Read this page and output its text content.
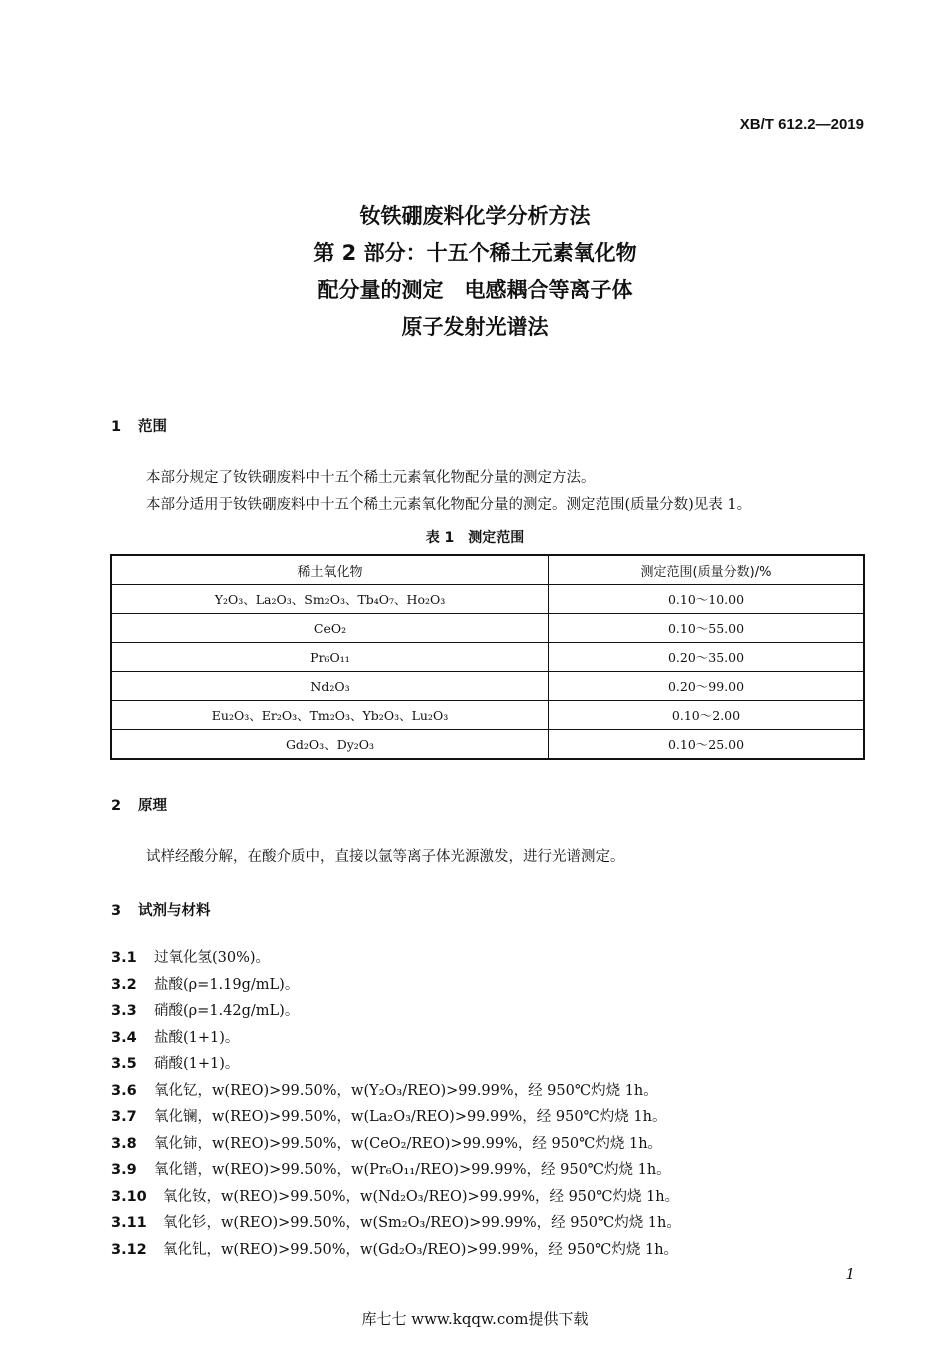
XB/T 612.2—2019
钕铁硼废料化学分析方法
第 2 部分：十五个稀土元素氧化物
配分量的测定　电感耦合等离子体
原子发射光谱法
1 范围
本部分规定了钕铁硼废料中十五个稀土元素氧化物配分量的测定方法。
本部分适用于钕铁硼废料中十五个稀土元素氧化物配分量的测定。测定范围(质量分数)见表 1。
表 1　测定范围
稀土氧化物	测定范围(质量分数)/%
Y₂O₃、La₂O₃、Sm₂O₃、Tb₄O₇、Ho₂O₃	0.10～10.00
CeO₂	0.10～55.00
Pr₆O₁₁	0.20～35.00
Nd₂O₃	0.20～99.00
Eu₂O₃、Er₂O₃、Tm₂O₃、Yb₂O₃、Lu₂O₃	0.10～2.00
Gd₂O₃、Dy₂O₃	0.10～25.00
2 原理
试样经酸分解，在酸介质中，直接以氩等离子体光源激发，进行光谱测定。
3 试剂与材料
3.1 过氧化氢(30%)。
3.2 盐酸(ρ=1.19g/mL)。
3.3 硝酸(ρ=1.42g/mL)。
3.4 盐酸(1+1)。
3.5 硝酸(1+1)。
3.6 氧化钇，w(REO)>99.50%，w(Y₂O₃/REO)>99.99%，经 950℃灼烧 1h。
3.7 氧化镧，w(REO)>99.50%，w(La₂O₃/REO)>99.99%，经 950℃灼烧 1h。
3.8 氧化铈，w(REO)>99.50%，w(CeO₂/REO)>99.99%，经 950℃灼烧 1h。
3.9 氧化镨，w(REO)>99.50%，w(Pr₆O₁₁/REO)>99.99%，经 950℃灼烧 1h。
3.10 氧化钕，w(REO)>99.50%，w(Nd₂O₃/REO)>99.99%，经 950℃灼烧 1h。
3.11 氧化钐，w(REO)>99.50%，w(Sm₂O₃/REO)>99.99%，经 950℃灼烧 1h。
3.12 氧化钆，w(REO)>99.50%，w(Gd₂O₃/REO)>99.99%，经 950℃灼烧 1h。
1
库七七 www.kqqw.com提供下载
